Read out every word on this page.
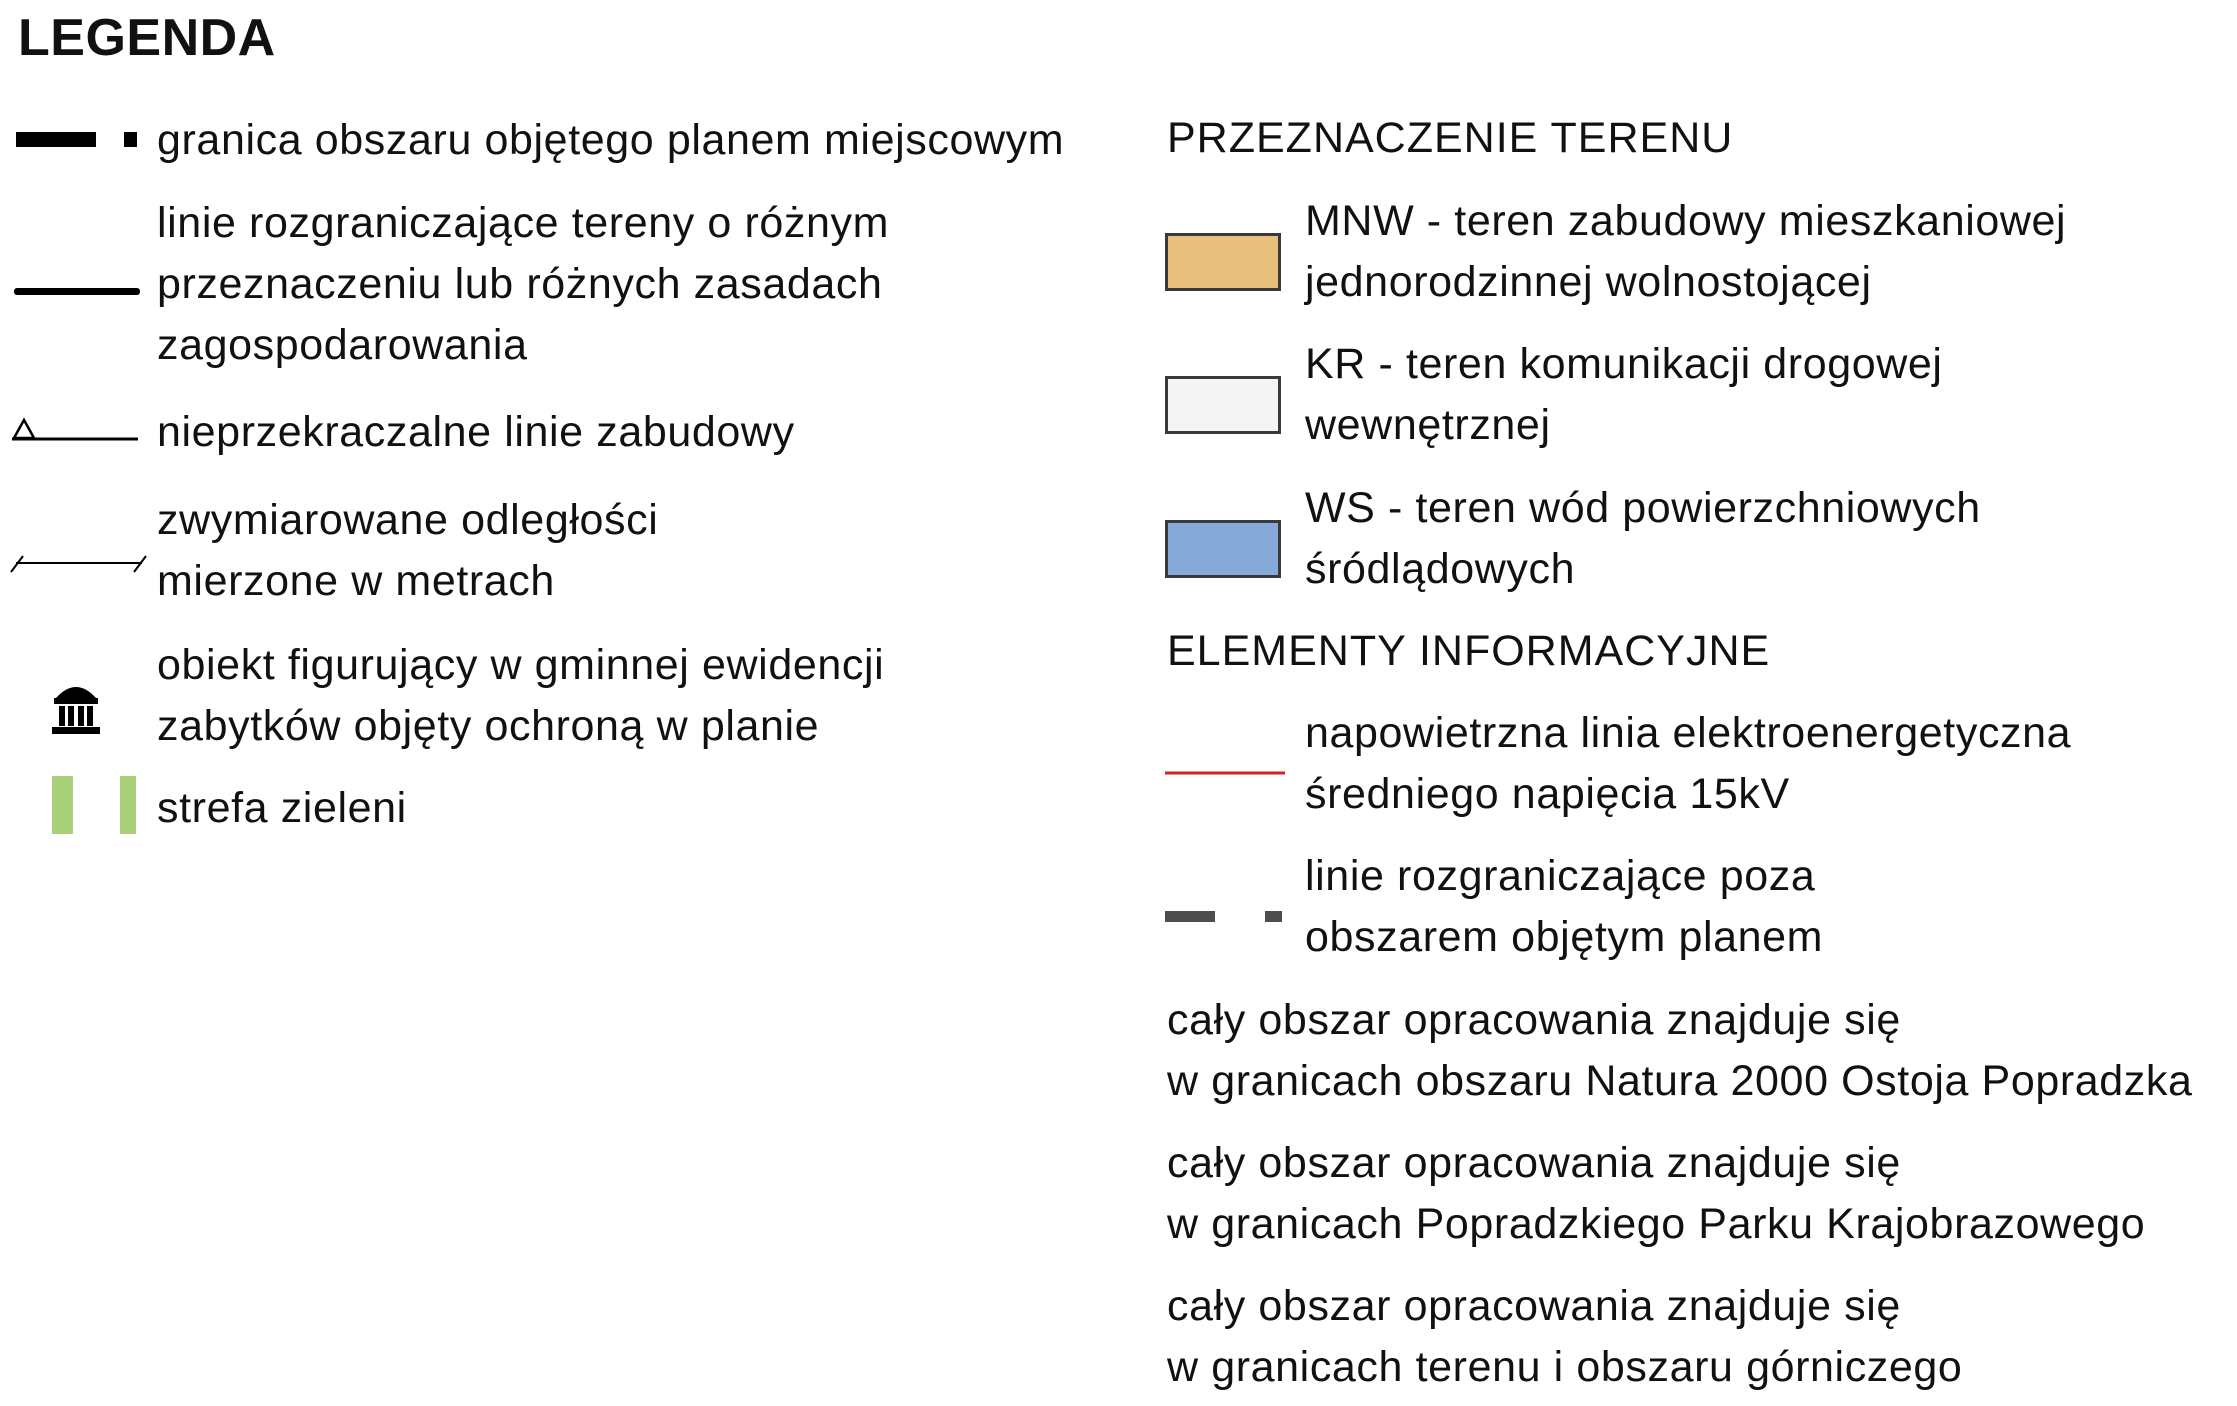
LEGENDA
granica obszaru objętego planem miejscowym
linie rozgraniczające tereny o różnym
przeznaczeniu lub różnych zasadach
zagospodarowania
nieprzekraczalne linie zabudowy
zwymiarowane odległości
mierzone w metrach
obiekt figurujący w gminnej ewidencji
zabytków objęty ochroną w planie
strefa zieleni
PRZEZNACZENIE TERENU
MNW - teren zabudowy mieszkaniowej
jednorodzinnej wolnostojącej
KR - teren komunikacji drogowej
wewnętrznej
WS - teren wód powierzchniowych
śródlądowych
ELEMENTY INFORMACYJNE
napowietrzna linia elektroenergetyczna
średniego napięcia 15kV
linie rozgraniczające poza
obszarem objętym planem
cały obszar opracowania znajduje się
w granicach obszaru Natura 2000 Ostoja Popradzka
cały obszar opracowania znajduje się
w granicach Popradzkiego Parku Krajobrazowego
cały obszar opracowania znajduje się
w granicach terenu i obszaru górniczego
